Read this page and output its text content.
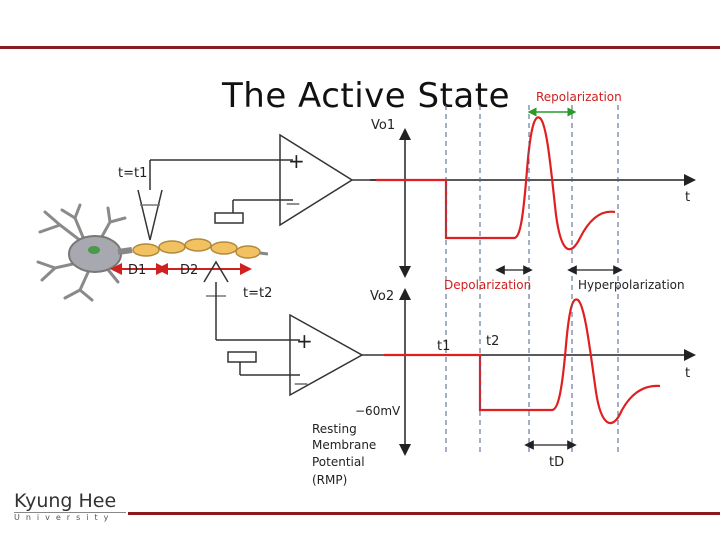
The Active State
D1	D2
+
—
t=t1
+
—
t=t2
Vo1
t
Vo2
t
−60mV
Repolarization
Depolarization	Hyperpolarization
t1	t2
tD
Resting
Membrane
Potential
(RMP)
Kyung Hee
University
